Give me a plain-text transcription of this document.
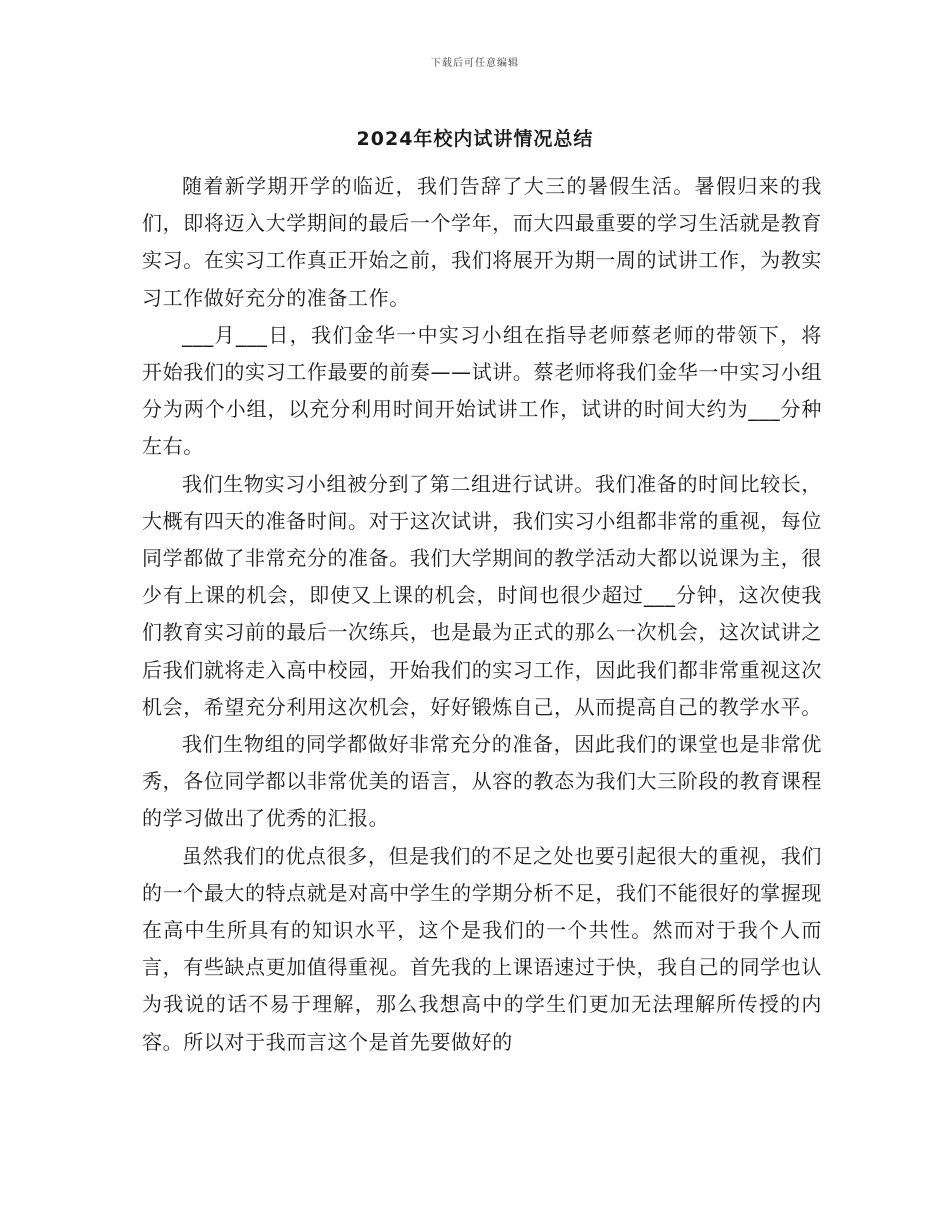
下载后可任意编辑
2024年校内试讲情况总结

随着新学期开学的临近，我们告辞了大三的暑假生活。暑假归来的我们，即将迈入大学期间的最后一个学年，而大四最重要的学习生活就是教育实习。在实习工作真正开始之前，我们将展开为期一周的试讲工作，为教实习工作做好充分的准备工作。

___月___日，我们金华一中实习小组在指导老师蔡老师的带领下，将开始我们的实习工作最要的前奏——试讲。蔡老师将我们金华一中实习小组分为两个小组，以充分利用时间开始试讲工作，试讲的时间大约为___分种左右。

我们生物实习小组被分到了第二组进行试讲。我们准备的时间比较长，大概有四天的准备时间。对于这次试讲，我们实习小组都非常的重视，每位同学都做了非常充分的准备。我们大学期间的教学活动大都以说课为主，很少有上课的机会，即使又上课的机会，时间也很少超过___分钟，这次使我们教育实习前的最后一次练兵，也是最为正式的那么一次机会，这次试讲之后我们就将走入高中校园，开始我们的实习工作，因此我们都非常重视这次机会，希望充分利用这次机会，好好锻炼自己，从而提高自己的教学水平。

我们生物组的同学都做好非常充分的准备，因此我们的课堂也是非常优秀，各位同学都以非常优美的语言，从容的教态为我们大三阶段的教育课程的学习做出了优秀的汇报。

虽然我们的优点很多，但是我们的不足之处也要引起很大的重视，我们的一个最大的特点就是对高中学生的学期分析不足，我们不能很好的掌握现在高中生所具有的知识水平，这个是我们的一个共性。然而对于我个人而言，有些缺点更加值得重视。首先我的上课语速过于快，我自己的同学也认为我说的话不易于理解，那么我想高中的学生们更加无法理解所传授的内容。所以对于我而言这个是首先要做好的
